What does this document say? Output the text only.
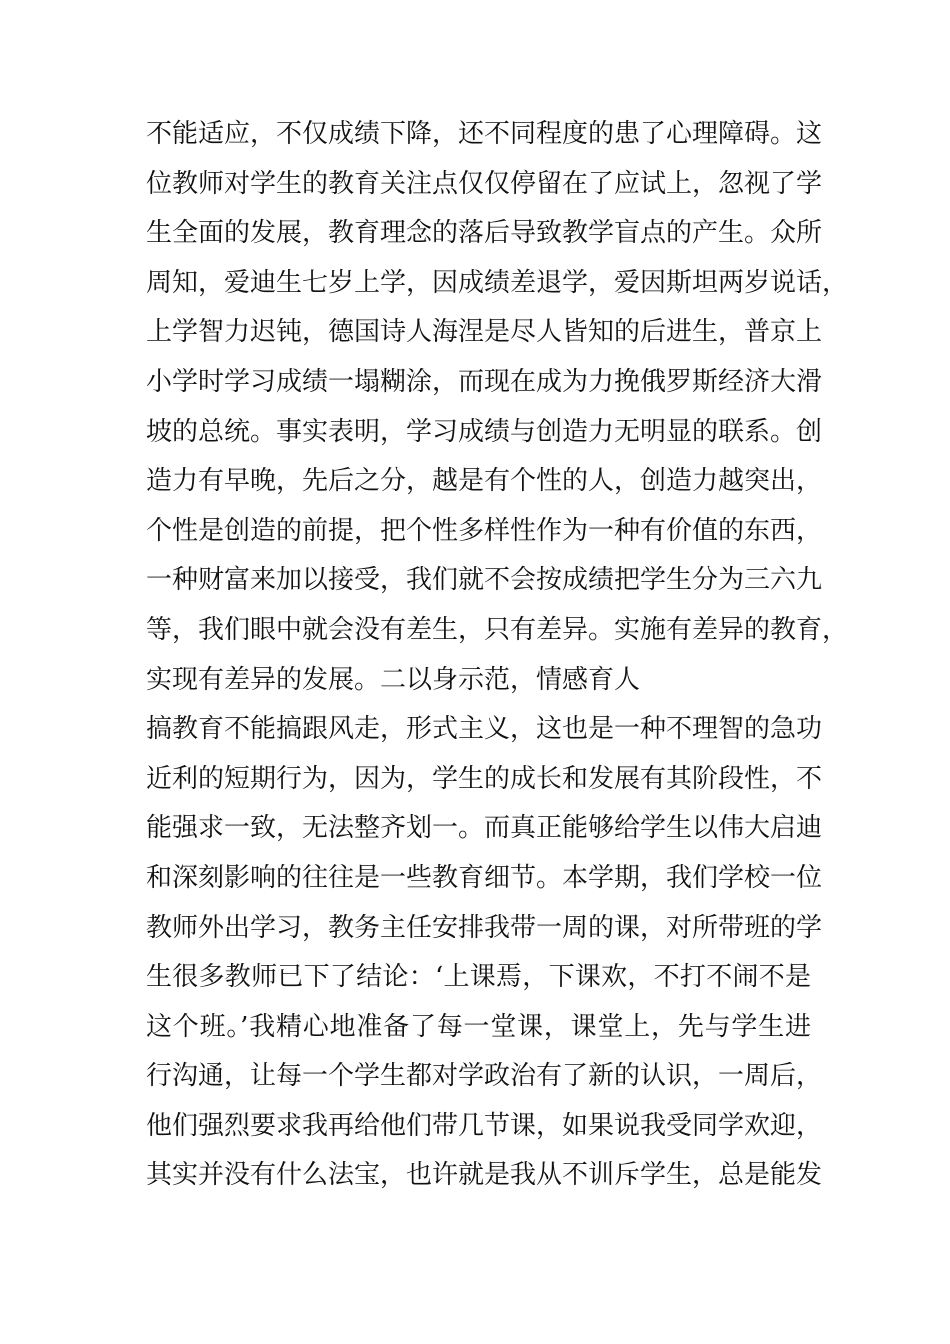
不能适应，不仅成绩下降，还不同程度的患了心理障碍。这
位教师对学生的教育关注点仅仅停留在了应试上，忽视了学
生全面的发展，教育理念的落后导致教学盲点的产生。众所
周知，爱迪生七岁上学，因成绩差退学，爱因斯坦两岁说话，
上学智力迟钝，德国诗人海涅是尽人皆知的后进生，普京上
小学时学习成绩一塌糊涂，而现在成为力挽俄罗斯经济大滑
坡的总统。事实表明，学习成绩与创造力无明显的联系。创
造力有早晚，先后之分，越是有个性的人，创造力越突出，
个性是创造的前提，把个性多样性作为一种有价值的东西，
一种财富来加以接受，我们就不会按成绩把学生分为三六九
等，我们眼中就会没有差生，只有差异。实施有差异的教育，
实现有差异的发展。二以身示范，情感育人
搞教育不能搞跟风走，形式主义，这也是一种不理智的急功
近利的短期行为，因为，学生的成长和发展有其阶段性，不
能强求一致，无法整齐划一。而真正能够给学生以伟大启迪
和深刻影响的往往是一些教育细节。本学期，我们学校一位
教师外出学习，教务主任安排我带一周的课，对所带班的学
生很多教师已下了结论：‘上课焉，下课欢，不打不闹不是
这个班。’我精心地准备了每一堂课，课堂上，先与学生进
行沟通，让每一个学生都对学政治有了新的认识，一周后，
他们强烈要求我再给他们带几节课，如果说我受同学欢迎，
其实并没有什么法宝，也许就是我从不训斥学生，总是能发
